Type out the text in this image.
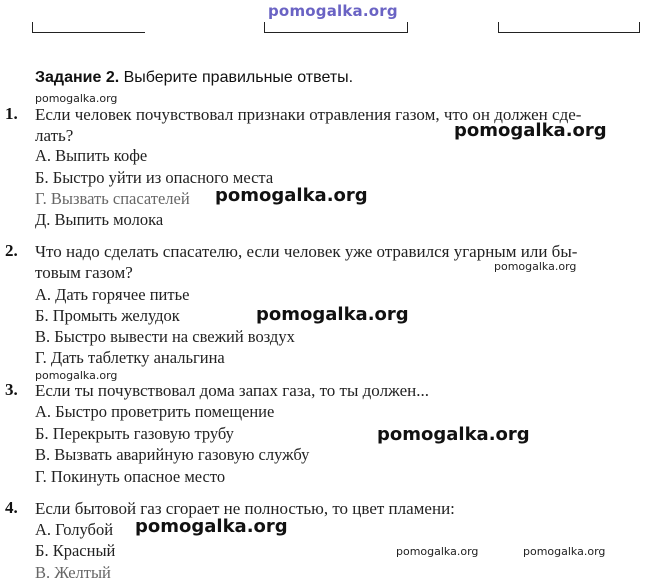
pomogalka.org
Задание 2. Выберите правильные ответы.
pomogalka.org
1. Если человек почувствовал признаки отравления газом, что он должен сде-
лать?	pomogalka.org
А. Выпить кофе
Б. Быстро уйти из опасного места
Г. Вызвать спасателей pomogalka.org
Д. Выпить молока
2. Что надо сделать спасателю, если человек уже отравился угарным или бы-
товым газом?	pomogalka.org
А. Дать горячее питье
Б. Промыть желудок	pomogalka.org
В. Быстро вывести на свежий воздух
Г. Дать таблетку анальгина
pomogalka.org
3. Если ты почувствовал дома запах газа, то ты должен...
А. Быстро проветрить помещение
Б. Перекрыть газовую трубу	pomogalka.org
В. Вызвать аварийную газовую службу
Г. Покинуть опасное место
4. Если бытовой газ сгорает не полностью, то цвет пламени:
А. Голубой pomogalka.org
Б. Красный	pomogalka.org	pomogalka.org
В. Желтый
